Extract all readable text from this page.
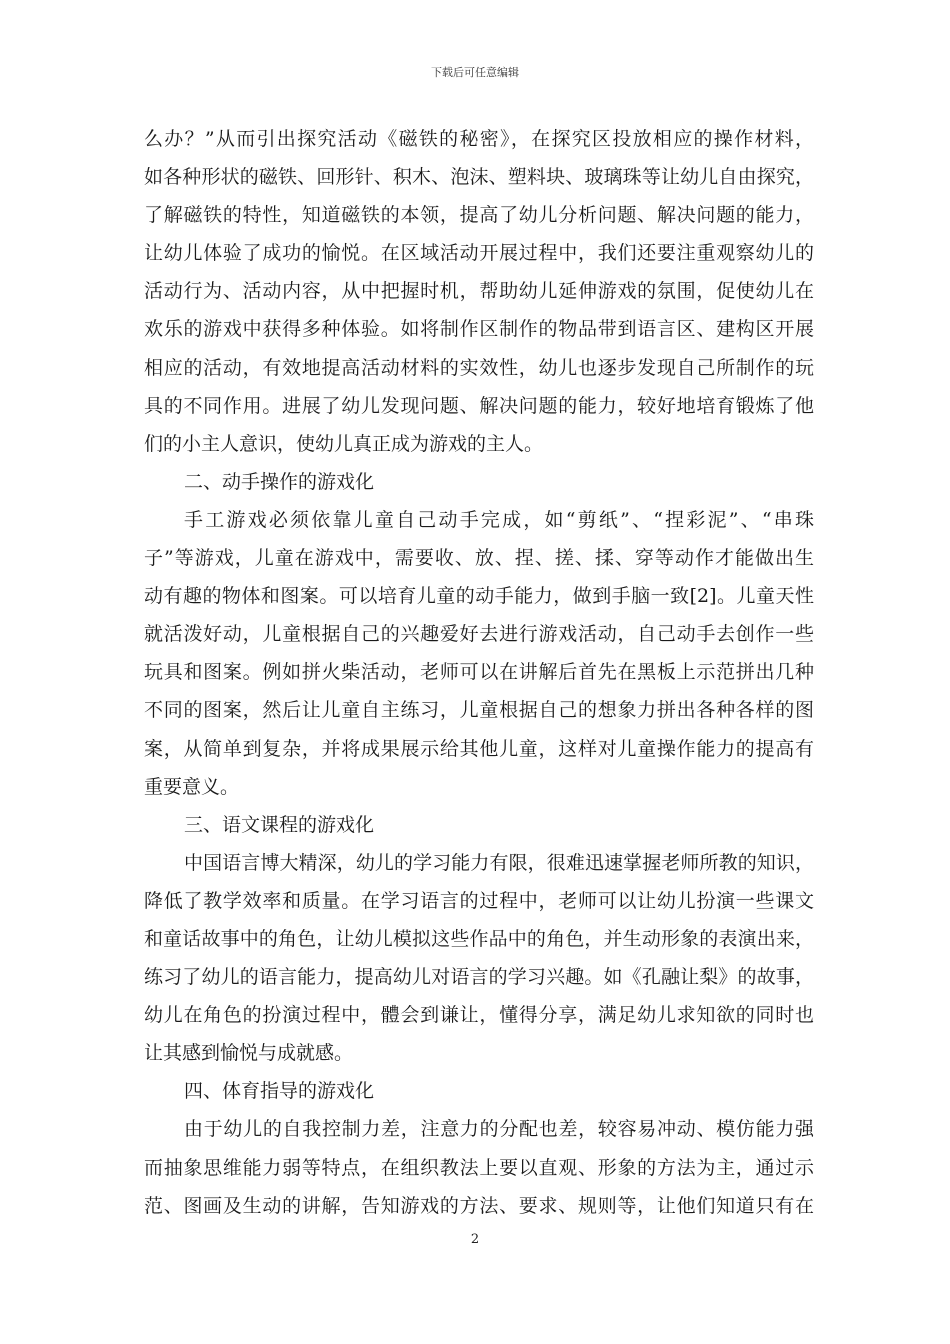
下载后可任意编辑
么办？”从而引出探究活动《磁铁的秘密》，在探究区投放相应的操作材料，
如各种形状的磁铁、回形针、积木、泡沫、塑料块、玻璃珠等让幼儿自由探究，
了解磁铁的特性，知道磁铁的本领，提高了幼儿分析问题、解决问题的能力，
让幼儿体验了成功的愉悦。在区域活动开展过程中，我们还要注重观察幼儿的
活动行为、活动内容，从中把握时机，帮助幼儿延伸游戏的氛围，促使幼儿在
欢乐的游戏中获得多种体验。如将制作区制作的物品带到语言区、建构区开展
相应的活动，有效地提高活动材料的实效性，幼儿也逐步发现自己所制作的玩
具的不同作用。进展了幼儿发现问题、解决问题的能力，较好地培育锻炼了他
们的小主人意识，使幼儿真正成为游戏的主人。
二、动手操作的游戏化
手工游戏必须依靠儿童自己动手完成，如“剪纸”、“捏彩泥”、“串珠
子”等游戏，儿童在游戏中，需要收、放、捏、搓、揉、穿等动作才能做出生
动有趣的物体和图案。可以培育儿童的动手能力，做到手脑一致[2]。儿童天性
就活泼好动，儿童根据自己的兴趣爱好去进行游戏活动，自己动手去创作一些
玩具和图案。例如拼火柴活动，老师可以在讲解后首先在黑板上示范拼出几种
不同的图案，然后让儿童自主练习，儿童根据自己的想象力拼出各种各样的图
案，从简单到复杂，并将成果展示给其他儿童，这样对儿童操作能力的提高有
重要意义。
三、语文课程的游戏化
中国语言博大精深，幼儿的学习能力有限，很难迅速掌握老师所教的知识，
降低了教学效率和质量。在学习语言的过程中，老师可以让幼儿扮演一些课文
和童话故事中的角色，让幼儿模拟这些作品中的角色，并生动形象的表演出来，
练习了幼儿的语言能力，提高幼儿对语言的学习兴趣。如《孔融让梨》的故事，
幼儿在角色的扮演过程中，體会到谦让，懂得分享，满足幼儿求知欲的同时也
让其感到愉悦与成就感。
四、体育指导的游戏化
由于幼儿的自我控制力差，注意力的分配也差，较容易冲动、模仿能力强
而抽象思维能力弱等特点，在组织教法上要以直观、形象的方法为主，通过示
范、图画及生动的讲解，告知游戏的方法、要求、规则等，让他们知道只有在
2
